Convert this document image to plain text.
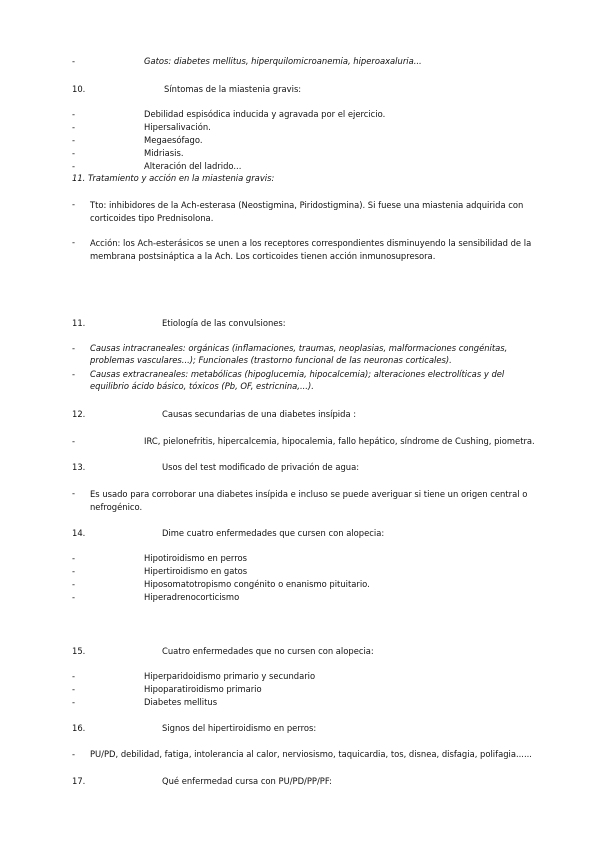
-	Gatos: diabetes mellitus, hiperquilomicroanemia, hiperoaxaluria...
10.	Síntomas de la miastenia gravis:
-	Debilidad espisódica inducida y agravada por el ejercicio.
-	Hipersalivación.
-	Megaesófago.
-	Midriasis.
-	Alteración del ladrido...
11. Tratamiento y acción en la miastenia gravis:
- Tto: inhibidores de la Ach-esterasa (Neostigmina, Piridostigmina). Si fuese una miastenia adquirida con corticoides tipo Prednisolona.
- Acción: los Ach-esterásicos se unen a los receptores correspondientes disminuyendo la sensibilidad de la membrana postsináptica a la Ach. Los corticoides tienen acción inmunosupresora.
11.	Etiología de las convulsiones:
- Causas intracraneales: orgánicas (inflamaciones, traumas, neoplasias, malformaciones congénitas, problemas vasculares...); Funcionales (trastorno funcional de las neuronas corticales).
- Causas extracraneales: metabólicas (hipoglucemia, hipocalcemia); alteraciones electrolíticas y del equilibrio ácido básico, tóxicos (Pb, OF, estricnina,...).
12.	Causas secundarias de una diabetes insípida :
-	IRC, pielonefritis, hipercalcemia, hipocalemia, fallo hepático, síndrome de Cushing, piometra.
13.	Usos del test modificado de privación de agua:
- Es usado para corroborar una diabetes insípida e incluso se puede averiguar si tiene un origen central o nefrogénico.
14.	Dime cuatro enfermedades que cursen con alopecia:
-	Hipotiroidismo en perros
-	Hipertiroidismo en gatos
-	Hiposomatotropismo congénito o enanismo pituitario.
-	Hiperadrenocorticismo
15.	Cuatro enfermedades que no cursen con alopecia:
-	Hiperparidoidismo primario y secundario
-	Hipoparatiroidismo primario
-	Diabetes mellitus
16.	Signos del hipertiroidismo en perros:
- PU/PD, debilidad, fatiga, intolerancia al calor, nerviosismo, taquicardia, tos, disnea, disfagia, polifagia......
17.	Qué enfermedad cursa con PU/PD/PP/PF:
